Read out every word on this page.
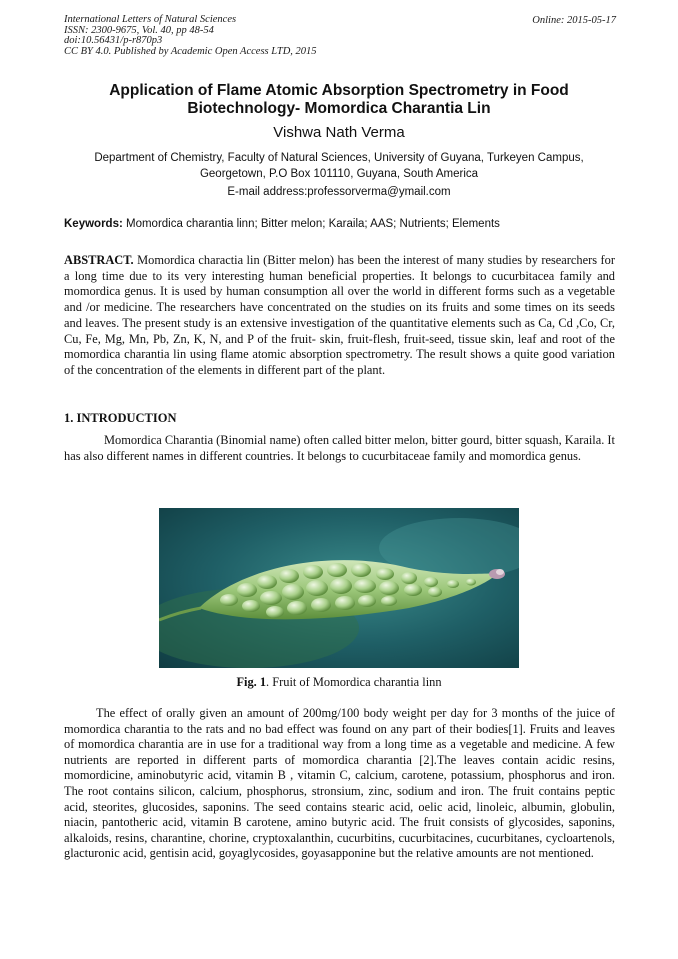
International Letters of Natural Sciences
ISSN: 2300-9675, Vol. 40, pp 48-54
doi:10.56431/p-r870p3
CC BY 4.0. Published by Academic Open Access LTD, 2015
Online: 2015-05-17
Application of Flame Atomic Absorption Spectrometry in Food
Biotechnology- Momordica Charantia Lin
Vishwa Nath Verma
Department of Chemistry, Faculty of Natural Sciences, University of Guyana, Turkeyen Campus,
Georgetown, P.O Box 101110, Guyana, South America
E-mail address:professorverma@ymail.com
Keywords: Momordica charantia linn; Bitter melon; Karaila; AAS; Nutrients; Elements
ABSTRACT. Momordica charactia lin (Bitter melon) has been the interest of many studies by researchers for a long time due to its very interesting human beneficial properties. It belongs to cucurbitacea family and momordica genus. It is used by human consumption all over the world in different forms such as a vegetable and /or medicine. The researchers have concentrated on the studies on its fruits and some times on its seeds and leaves. The present study is an extensive investigation of the quantitative elements such as Ca, Cd ,Co, Cr, Cu, Fe, Mg, Mn, Pb, Zn, K, N, and P of the fruit- skin, fruit-flesh, fruit-seed, tissue skin, leaf and root of the momordica charantia lin using flame atomic absorption spectrometry. The result shows a quite good variation of the concentration of the elements in different part of the plant.
1. INTRODUCTION
Momordica Charantia (Binomial name) often called bitter melon, bitter gourd, bitter squash, Karaila. It has also different names in different countries. It belongs to cucurbitaceae family and momordica genus.
Fig. 1. Fruit of Momordica charantia linn
The effect of orally given an amount of 200mg/100 body weight per day for 3 months of the juice of momordica charantia to the rats and no bad effect was found on any part of their bodies[1]. Fruits and leaves of momordica charantia are in use for a traditional way from a long time as a vegetable and medicine. A few nutrients are reported in different parts of momordica charantia [2].The leaves contain acidic resins, momordicine, aminobutyric acid, vitamin B , vitamin C, calcium, carotene, potassium, phosphorus and iron. The root contains silicon, calcium, phosphorus, stronsium, zinc, sodium and iron. The fruit contains peptic acid, steorites, glucosides, saponins. The seed contains stearic acid, oelic acid, linoleic, albumin, globulin, niacin, pantotheric acid, vitamin B carotene, amino butyric acid. The fruit consists of glycosides, saponins, alkaloids, resins, charantine, chorine, cryptoxalanthin, cucurbitins, cucurbitacines, cucurbitanes, cycloartenols, glacturonic acid, gentisin acid, goyaglycosides, goyasapponine but the relative amounts are not mentioned.
